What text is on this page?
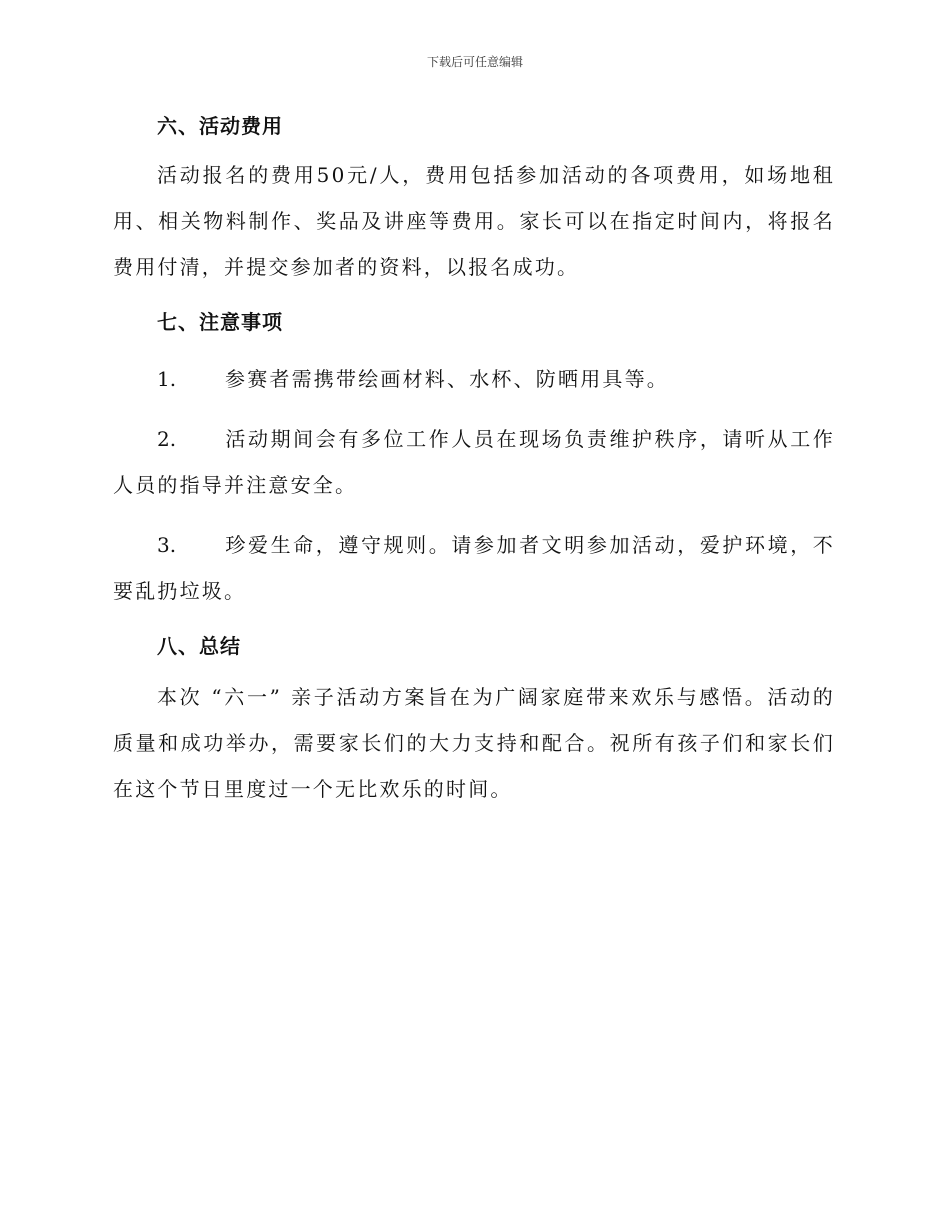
下载后可任意编辑

六、活动费用

活动报名的费用50元/人，费用包括参加活动的各项费用，如场地租用、相关物料制作、奖品及讲座等费用。家长可以在指定时间内，将报名费用付清，并提交参加者的资料，以报名成功。

七、注意事项

1. 参赛者需携带绘画材料、水杯、防晒用具等。

2. 活动期间会有多位工作人员在现场负责维护秩序，请听从工作人员的指导并注意安全。

3. 珍爱生命，遵守规则。请参加者文明参加活动，爱护环境，不要乱扔垃圾。

八、总结

本次 “六一” 亲子活动方案旨在为广阔家庭带来欢乐与感悟。活动的质量和成功举办，需要家长们的大力支持和配合。祝所有孩子们和家长们在这个节日里度过一个无比欢乐的时间。
